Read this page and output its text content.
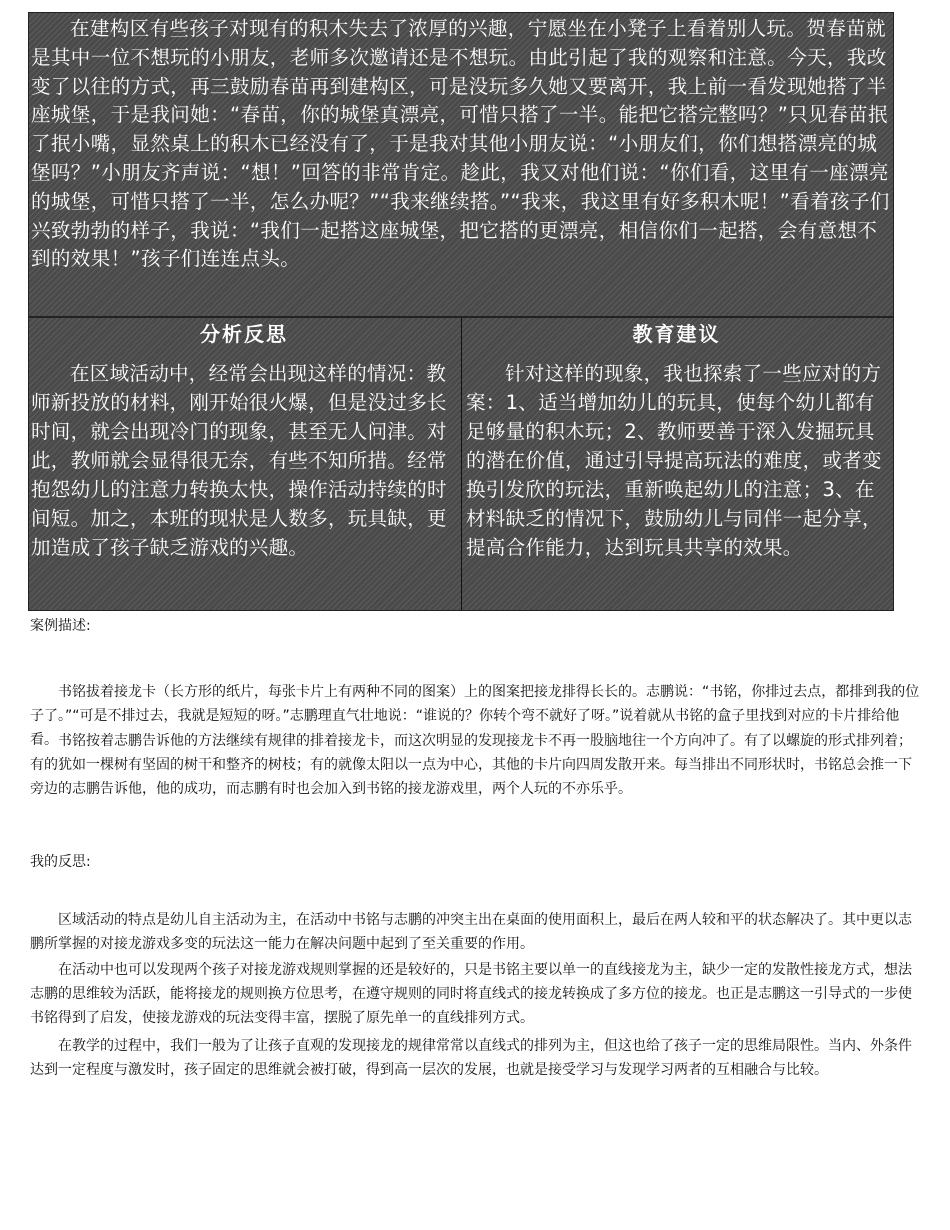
在建构区有些孩子对现有的积木失去了浓厚的兴趣，宁愿坐在小凳子上看着别人玩。贺春苗就是其中一位不想玩的小朋友，老师多次邀请还是不想玩。由此引起了我的观察和注意。今天，我改变了以往的方式，再三鼓励春苗再到建构区，可是没玩多久她又要离开，我上前一看发现她搭了半座城堡，于是我问她：“春苗，你的城堡真漂亮，可惜只搭了一半。能把它搭完整吗？”只见春苗抿了抿小嘴，显然桌上的积木已经没有了，于是我对其他小朋友说：“小朋友们，你们想搭漂亮的城堡吗？”小朋友齐声说：“想！”回答的非常肯定。趁此，我又对他们说：“你们看，这里有一座漂亮的城堡，可惜只搭了一半，怎么办呢？”“我来继续搭。”“我来，我这里有好多积木呢！”看着孩子们兴致勃勃的样子，我说：“我们一起搭这座城堡，把它搭的更漂亮，相信你们一起搭，会有意想不到的效果！”孩子们连连点头。
分析反思
在区域活动中，经常会出现这样的情况：教师新投放的材料，刚开始很火爆，但是没过多长时间，就会出现冷门的现象，甚至无人问津。对此，教师就会显得很无奈，有些不知所措。经常抱怨幼儿的注意力转换太快，操作活动持续的时间短。加之，本班的现状是人数多，玩具缺，更加造成了孩子缺乏游戏的兴趣。
教育建议
针对这样的现象，我也探索了一些应对的方案：1、适当增加幼儿的玩具，使每个幼儿都有足够量的积木玩；2、教师要善于深入发掘玩具的潜在价值，通过引导提高玩法的难度，或者变换引发欣的玩法，重新唤起幼儿的注意；3、在材料缺乏的情况下，鼓励幼儿与同伴一起分享，提高合作能力，达到玩具共享的效果。
案例描述:
书铭拔着接龙卡（长方形的纸片，每张卡片上有两种不同的图案）上的图案把接龙排得长长的。志鹏说：“书铭，你排过去点，都排到我的位子了。”“可是不排过去，我就是短短的呀。”志鹏理直气壮地说：“谁说的？你转个弯不就好了呀。”说着就从书铭的盒子里找到对应的卡片排给他看。 书铭按着志鹏告诉他的方法继续有规律的排着接龙卡，而这次明显的发现接龙卡不再一股脑地往一个方向冲了。有了以螺旋的形式排列着；有的犹如一棵树有坚固的树干和整齐的树枝；有的就像太阳以一点为中心，其他的卡片向四周发散开来。每当排出不同形状时，书铭总会推一下旁边的志鹏告诉他，他的成功，而志鹏有时也会加入到书铭的接龙游戏里，两个人玩的不亦乐乎。
我的反思:
区域活动的特点是幼儿自主活动为主，在活动中书铭与志鹏的冲突主出在桌面的使用面积上，最后在两人较和平的状态解决了。其中更以志鹏所掌握的对接龙游戏多变的玩法这一能力在解决问题中起到了至关重要的作用。
在活动中也可以发现两个孩子对接龙游戏规则掌握的还是较好的，只是书铭主要以单一的直线接龙为主，缺少一定的发散性接龙方式，想法志鹏的思维较为活跃，能将接龙的规则换方位思考，在遵守规则的同时将直线式的接龙转换成了多方位的接龙。也正是志鹏这一引导式的一步使书铭得到了启发，使接龙游戏的玩法变得丰富，摆脱了原先单一的直线排列方式。
在教学的过程中，我们一般为了让孩子直观的发现接龙的规律常常以直线式的排列为主，但这也给了孩子一定的思维局限性。当内、外条件达到一定程度与激发时，孩子固定的思维就会被打破，得到高一层次的发展，也就是接受学习与发现学习两者的互相融合与比较。
